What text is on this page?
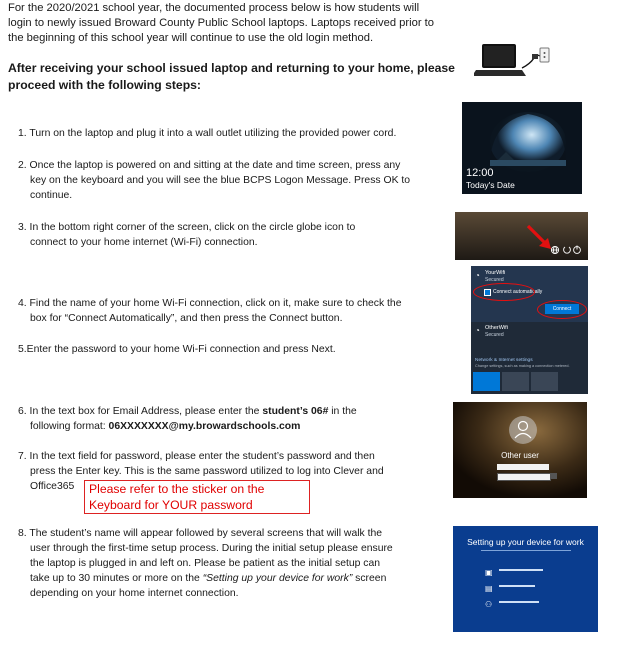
For the 2020/2021 school year, the documented process below is how students will
login to newly issued Broward County Public School laptops. Laptops received prior to
the beginning of this school year will continue to use the old login method.
After receiving your school issued laptop and returning to your home, please
proceed with the following steps:
1. Turn on the laptop and plug it into a wall outlet utilizing the provided power cord.
2. Once the laptop is powered on and sitting at the date and time screen, press any
key on the keyboard and you will see the blue BCPS Logon Message. Press OK to
continue.
12:00
Today's Date
3. In the bottom right corner of the screen, click on the circle globe icon to
connect to your home internet (Wi-Fi) connection.
4. Find the name of your home Wi-Fi connection, click on it, make sure to check the
box for “Connect Automatically”, and then press the Connect button.
5.Enter the password to your home Wi-Fi connection and press Next.
◔ YourWifi
Secured
Connect automatically
Connect
◔ OtherWifi
Secured
Network & Internet settings
Change settings, such as making a connection metered.
6. In the text box for Email Address, please enter the student’s 06# in the
following format: 06XXXXXXX@my.browardschools.com
7. In the text field for password, please enter the student’s password and then
press the Enter key. This is the same password utilized to log into Clever and
Office365	Please refer to the sticker on the
Keyboard for YOUR password
Other user
8. The student’s name will appear followed by several screens that will walk the
user through the first-time setup process. During the initial setup please ensure
the laptop is plugged in and left on. Please be patient as the initial setup can
take up to 30 minutes or more on the “Setting up your device for work” screen
depending on your home internet connection.
Setting up your device for work
▣
▤
⚇
